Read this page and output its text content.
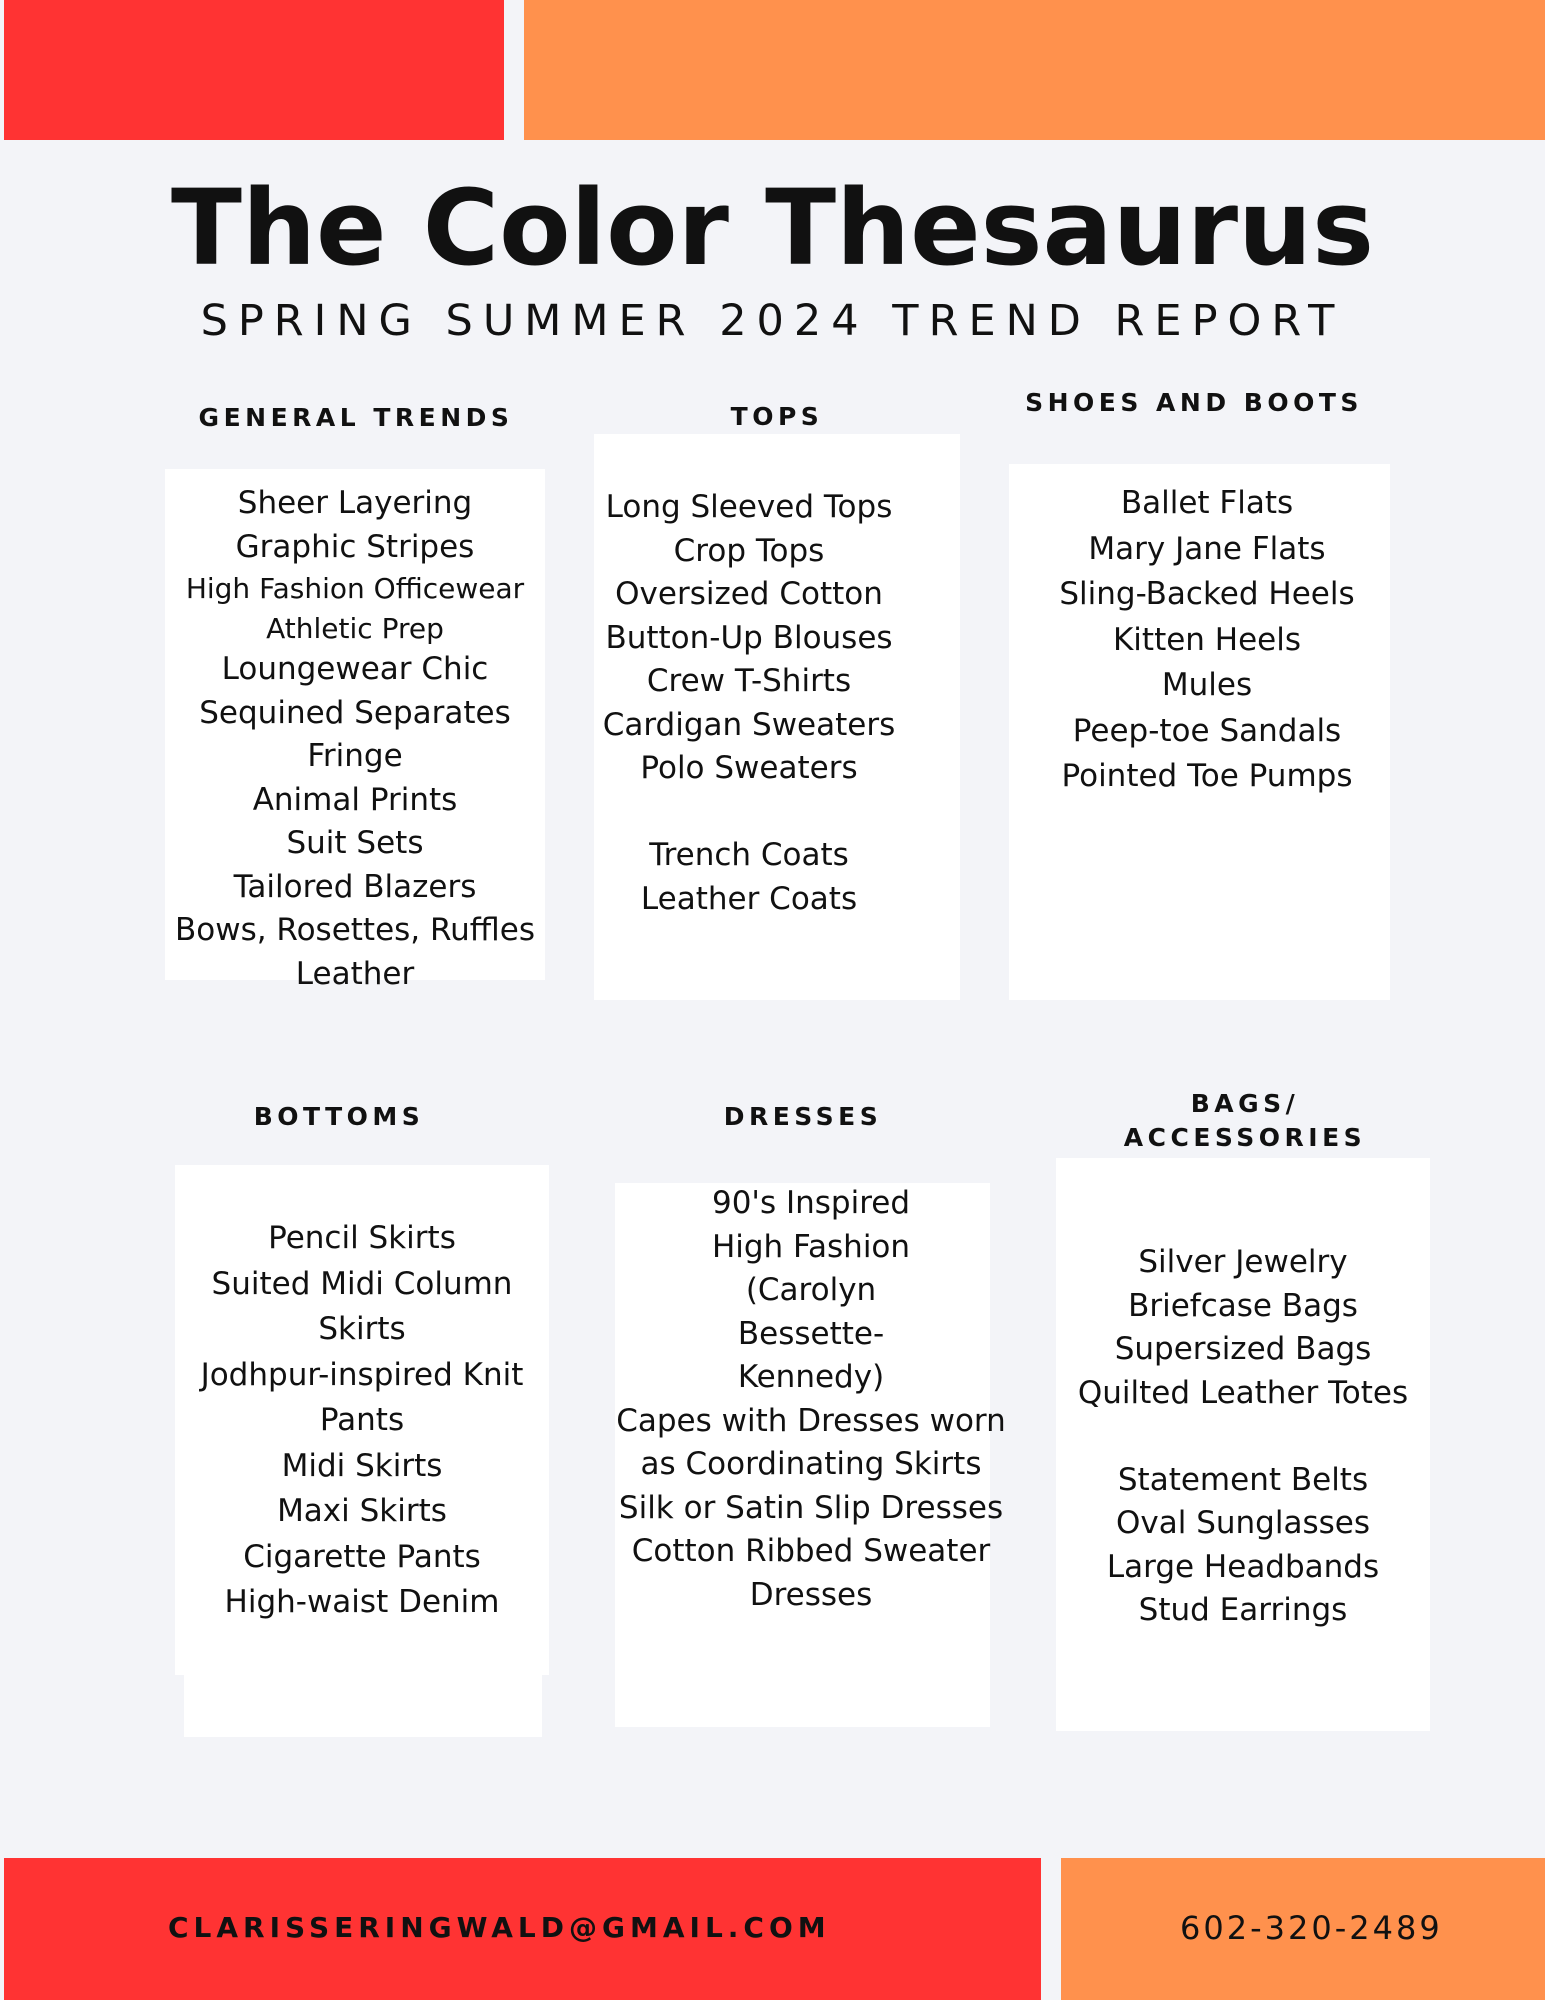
The Color Thesaurus
SPRING SUMMER 2024 TREND REPORT
GENERAL TRENDS
Sheer Layering
Graphic Stripes
High Fashion Officewear
Athletic Prep
Loungewear Chic
Sequined Separates
Fringe
Animal Prints
Suit Sets
Tailored Blazers
Bows, Rosettes, Ruffles
Leather
TOPS
Long Sleeved Tops
Crop Tops
Oversized Cotton
Button-Up Blouses
Crew T-Shirts
Cardigan Sweaters
Polo Sweaters
Trench Coats
Leather Coats
SHOES AND BOOTS
Ballet Flats
Mary Jane Flats
Sling-Backed Heels
Kitten Heels
Mules
Peep-toe Sandals
Pointed Toe Pumps
BOTTOMS
Pencil Skirts
Suited Midi Column Skirts
Jodhpur-inspired Knit Pants
Midi Skirts
Maxi Skirts
Cigarette Pants
High-waist Denim
DRESSES
90's Inspired High Fashion
(Carolyn Bessette-Kennedy)
Capes with Dresses worn as Coordinating Skirts
Silk or Satin Slip Dresses
Cotton Ribbed Sweater Dresses
BAGS/
ACCESSORIES
Silver Jewelry
Briefcase Bags
Supersized Bags
Quilted Leather Totes
Statement Belts
Oval Sunglasses
Large Headbands
Stud Earrings
CLARISSERINGWALD@GMAIL.COM	602-320-2489
